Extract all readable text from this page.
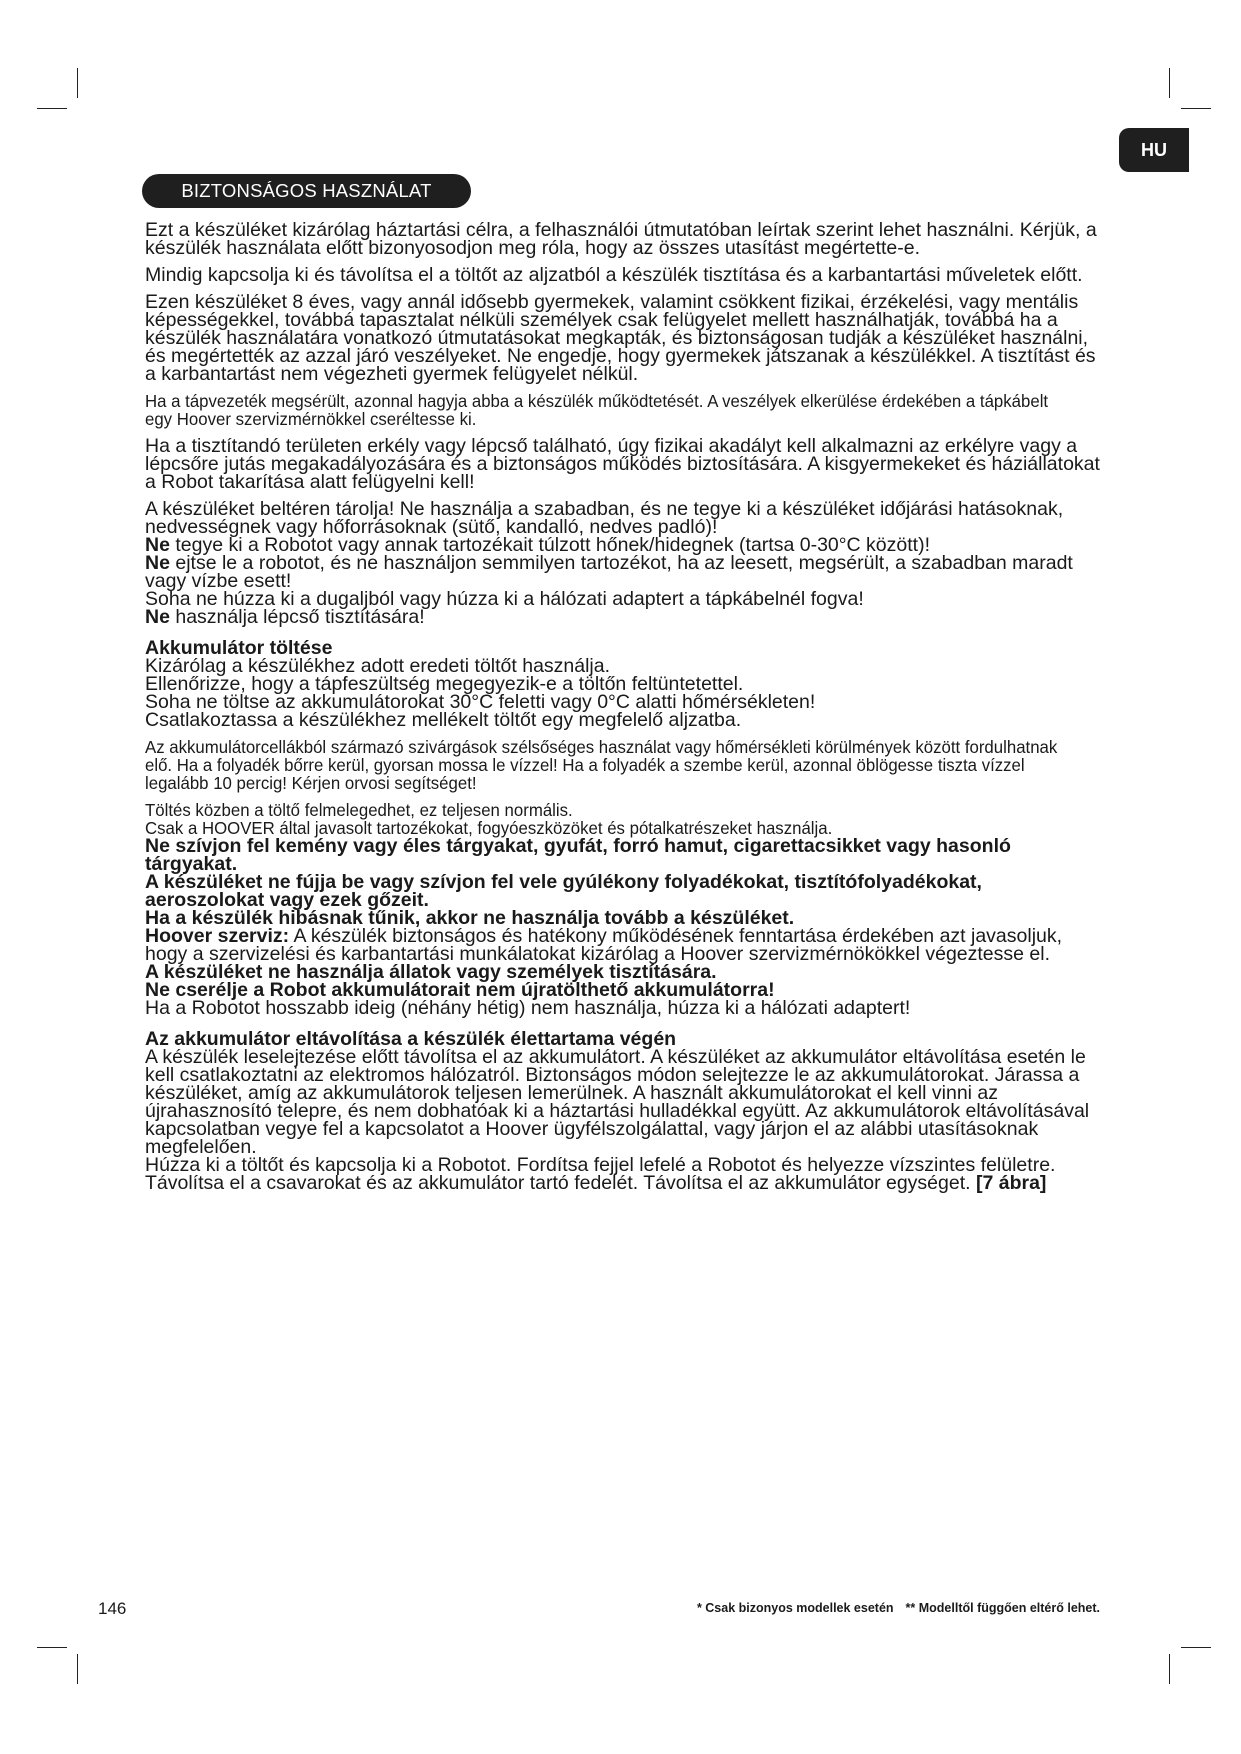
HU
BIZTONSÁGOS HASZNÁLAT

Ezt a készüléket kizárólag háztartási célra, a felhasználói útmutatóban leírtak szerint lehet használni. Kérjük, a készülék használata előtt bizonyosodjon meg róla, hogy az összes utasítást megértette-e.

Mindig kapcsolja ki és távolítsa el a töltőt az aljzatból a készülék tisztítása és a karbantartási műveletek előtt.

Ezen készüléket 8 éves, vagy annál idősebb gyermekek, valamint csökkent fizikai, érzékelési, vagy mentális képességekkel, továbbá tapasztalat nélküli személyek csak felügyelet mellett használhatják, továbbá ha a készülék használatára vonatkozó útmutatásokat megkapták, és biztonságosan tudják a készüléket használni, és megértették az azzal járó veszélyeket. Ne engedje, hogy gyermekek játszanak a készülékkel. A tisztítást és a karbantartást nem végezheti gyermek felügyelet nélkül.

Ha a tápvezeték megsérült, azonnal hagyja abba a készülék működtetését. A veszélyek elkerülése érdekében a tápkábelt egy Hoover szervizmérnökkel cseréltesse ki.

Ha a tisztítandó területen erkély vagy lépcső található, úgy fizikai akadályt kell alkalmazni az erkélyre vagy a lépcsőre jutás megakadályozására és a biztonságos működés biztosítására. A kisgyermekeket és háziállatokat a Robot takarítása alatt felügyelni kell!

A készüléket beltéren tárolja! Ne használja a szabadban, és ne tegye ki a készüléket időjárási hatásoknak, nedvességnek vagy hőforrásoknak (sütő, kandalló, nedves padló)!

Ne tegye ki a Robotot vagy annak tartozékait túlzott hőnek/hidegnek (tartsa 0-30°C között)!

Ne ejtse le a robotot, és ne használjon semmilyen tartozékot, ha az leesett, megsérült, a szabadban maradt vagy vízbe esett!

Soha ne húzza ki a dugaljból vagy húzza ki a hálózati adaptert a tápkábelnél fogva!

Ne használja lépcső tisztítására!

Akkumulátor töltése

Kizárólag a készülékhez adott eredeti töltőt használja.

Ellenőrizze, hogy a tápfeszültség megegyezik-e a töltőn feltüntetettel.

Soha ne töltse az akkumulátorokat 30°C feletti vagy 0°C alatti hőmérsékleten!

Csatlakoztassa a készülékhez mellékelt töltőt egy megfelelő aljzatba.

Az akkumulátorcellákból származó szivárgások szélsőséges használat vagy hőmérsékleti körülmények között fordulhatnak elő. Ha a folyadék bőrre kerül, gyorsan mossa le vízzel! Ha a folyadék a szembe kerül, azonnal öblögesse tiszta vízzel legalább 10 percig! Kérjen orvosi segítséget!

Töltés közben a töltő felmelegedhet, ez teljesen normális.

Csak a HOOVER által javasolt tartozékokat, fogyóeszközöket és pótalkatrészeket használja.

Ne szívjon fel kemény vagy éles tárgyakat, gyufát, forró hamut, cigarettacsikket vagy hasonló tárgyakat.

A készüléket ne fújja be vagy szívjon fel vele gyúlékony folyadékokat, tisztítófolyadékokat, aeroszolokat vagy ezek gőzeit.

Ha a készülék hibásnak tűnik, akkor ne használja tovább a készüléket.

Hoover szerviz: A készülék biztonságos és hatékony működésének fenntartása érdekében azt javasoljuk, hogy a szervizelési és karbantartási munkálatokat kizárólag a Hoover szervizmérnökökkel végeztesse el.

A készüléket ne használja állatok vagy személyek tisztítására.

Ne cserélje a Robot akkumulátorait nem újratölthető akkumulátorra!

Ha a Robotot hosszabb ideig (néhány hétig) nem használja, húzza ki a hálózati adaptert!

Az akkumulátor eltávolítása a készülék élettartama végén

A készülék leselejtezése előtt távolítsa el az akkumulátort. A készüléket az akkumulátor eltávolítása esetén le kell csatlakoztatni az elektromos hálózatról. Biztonságos módon selejtezze le az akkumulátorokat. Járassa a készüléket, amíg az akkumulátorok teljesen lemerülnek. A használt akkumulátorokat el kell vinni az újrahasznosító telepre, és nem dobhatóak ki a háztartási hulladékkal együtt. Az akkumulátorok eltávolításával kapcsolatban vegye fel a kapcsolatot a Hoover ügyfélszolgálattal, vagy járjon el az alábbi utasításoknak megfelelően.

Húzza ki a töltőt és kapcsolja ki a Robotot. Fordítsa fejjel lefelé a Robotot és helyezze vízszintes felületre. Távolítsa el a csavarokat és az akkumulátor tartó fedelét. Távolítsa el az akkumulátor egységet. [7 ábra]

146	* Csak bizonyos modellek esetén ** Modelltől függően eltérő lehet.
